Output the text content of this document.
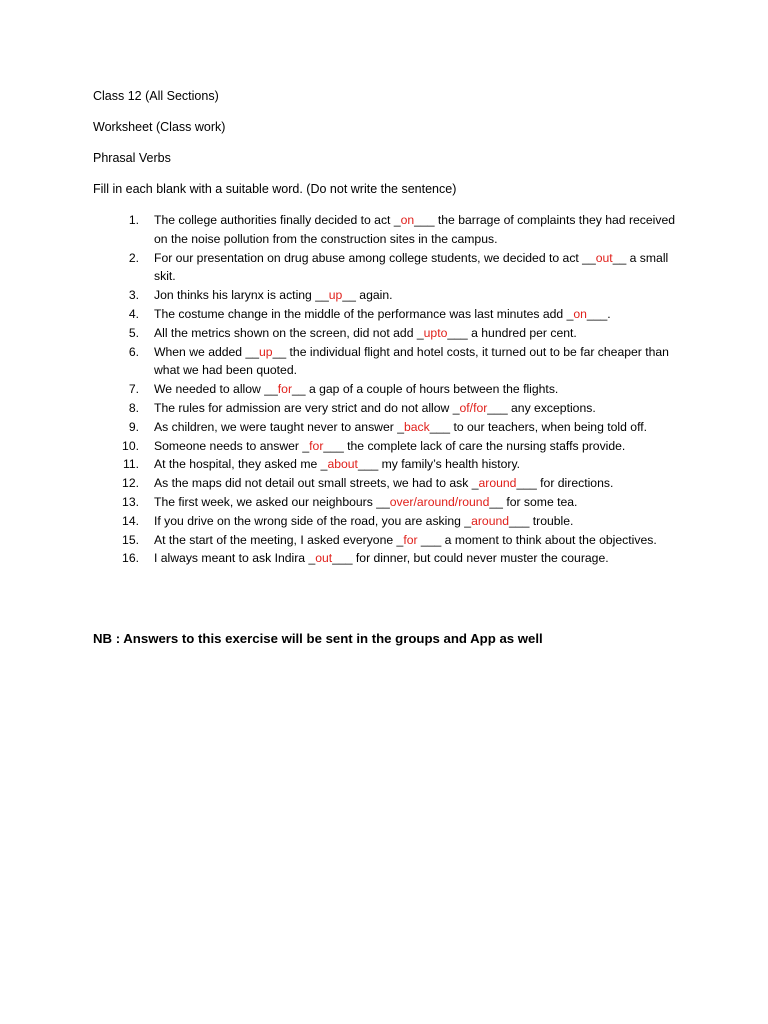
Class 12 (All Sections)
Worksheet (Class work)
Phrasal Verbs
Fill in each blank with a suitable word. (Do not write the sentence)
1.	The college authorities finally decided to act _on___ the barrage of complaints they had received on the noise pollution from the construction sites in the campus.
2.	For our presentation on drug abuse among college students, we decided to act __out__ a small skit.
3.	Jon thinks his larynx is acting __up__ again.
4.	The costume change in the middle of the performance was last minutes add _on___.
5.	All the metrics shown on the screen, did not add _upto___ a hundred per cent.
6.	When we added __up__ the individual flight and hotel costs, it turned out to be far cheaper than what we had been quoted.
7.	We needed to allow __for__ a gap of a couple of hours between the flights.
8.	The rules for admission are very strict and do not allow _of/for___ any exceptions.
9.	As children, we were taught never to answer _back___ to our teachers, when being told off.
10.	Someone needs to answer _for___ the complete lack of care the nursing staffs provide.
11.	At the hospital, they asked me _about___ my family’s health history.
12.	As the maps did not detail out small streets, we had to ask _around___ for directions.
13.	The first week, we asked our neighbours __over/around/round__ for some tea.
14.	If you drive on the wrong side of the road, you are asking _around___ trouble.
15.	At the start of the meeting, I asked everyone _for ___ a moment to think about the objectives.
16.	I always meant to ask Indira _out___ for dinner, but could never muster the courage.
NB : Answers to this exercise will be sent in the groups and App as well
